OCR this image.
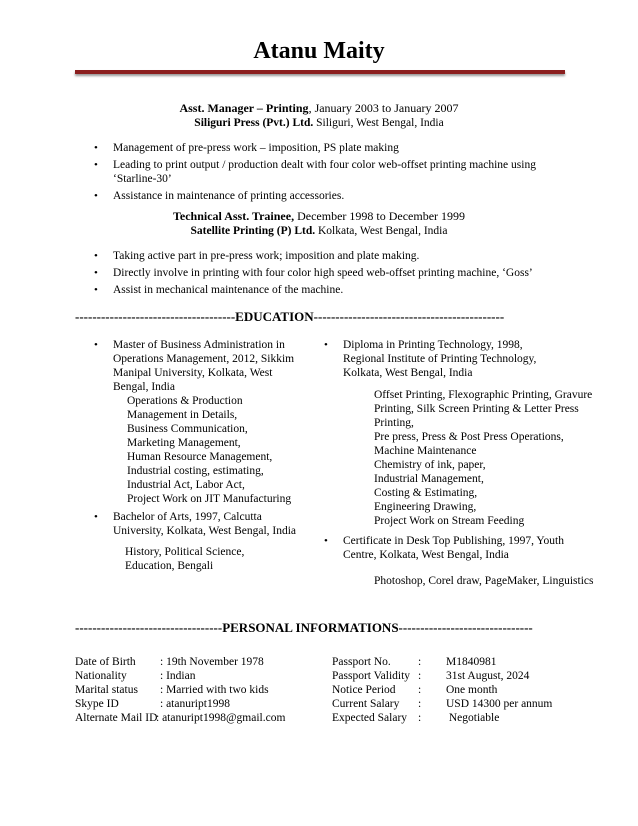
Atanu Maity
Asst. Manager – Printing, January 2003 to January 2007
Siliguri Press (Pvt.) Ltd. Siliguri, West Bengal, India
• Management of pre-press work – imposition, PS plate making
• Leading to print output / production dealt with four color web-offset printing machine using ‘Starline-30’
• Assistance in maintenance of printing accessories.
Technical Asst. Trainee, December 1998 to December 1999
Satellite Printing (P) Ltd. Kolkata, West Bengal, India
• Taking active part in pre-press work; imposition and plate making.
• Directly involve in printing with four color high speed web-offset printing machine, ‘Goss’
• Assist in mechanical maintenance of the machine.
-------------------------------------EDUCATION--------------------------------------------
• Master of Business Administration in
Operations Management, 2012, Sikkim
Manipal University, Kolkata, West
Bengal, India
Operations & Production
Management in Details,
Business Communication,
Marketing Management,
Human Resource Management,
Industrial costing, estimating,
Industrial Act, Labor Act,
Project Work on JIT Manufacturing
• Bachelor of Arts, 1997, Calcutta
University, Kolkata, West Bengal, India
History, Political Science,
Education, Bengali
• Diploma in Printing Technology, 1998,
Regional Institute of Printing Technology,
Kolkata, West Bengal, India
Offset Printing, Flexographic Printing, Gravure
Printing, Silk Screen Printing & Letter Press
Printing,
Pre press, Press & Post Press Operations,
Machine Maintenance
Chemistry of ink, paper,
Industrial Management,
Costing & Estimating,
Engineering Drawing,
Project Work on Stream Feeding
• Certificate in Desk Top Publishing, 1997, Youth
Centre, Kolkata, West Bengal, India
Photoshop, Corel draw, PageMaker, Linguistics
----------------------------------PERSONAL INFORMATIONS-------------------------------
Date of Birth	: 19th November 1978
Nationality	: Indian
Marital status	: Married with two kids
Skype ID	: atanuript1998
Alternate Mail ID
: atanuript1998@gmail.com
Passport No.	:	M1840981
Passport Validity :	31st August, 2024
Notice Period	:	One month
Current Salary	:	USD 14300 per annum
Expected Salary :	Negotiable
